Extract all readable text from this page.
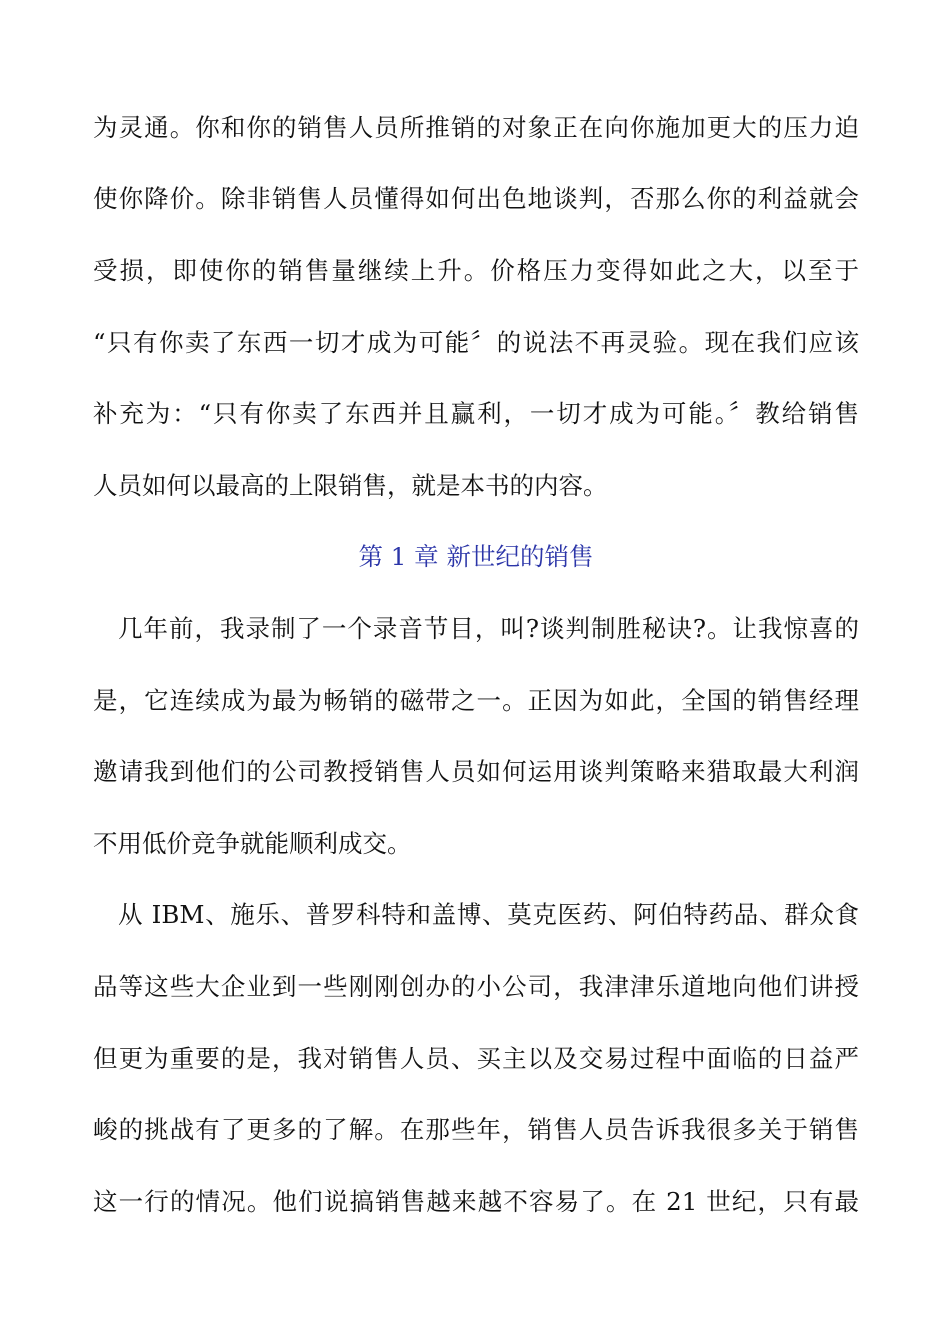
为灵通。你和你的销售人员所推销的对象正在向你施加更大的压力迫
使你降价。除非销售人员懂得如何出色地谈判，否那么你的利益就会
受损，即使你的销售量继续上升。价格压力变得如此之大，以至于
“只有你卖了东西一切才成为可能〞的说法不再灵验。现在我们应该
补充为：“只有你卖了东西并且赢利，一切才成为可能。〞教给销售
人员如何以最高的上限销售，就是本书的内容。
第 1 章 新世纪的销售
几年前，我录制了一个录音节目，叫?谈判制胜秘诀?。让我惊喜的
是，它连续成为最为畅销的磁带之一。正因为如此，全国的销售经理
邀请我到他们的公司教授销售人员如何运用谈判策略来猎取最大利润
不用低价竞争就能顺利成交。
从 IBM、施乐、普罗科特和盖博、莫克医药、阿伯特药品、群众食
品等这些大企业到一些刚刚创办的小公司，我津津乐道地向他们讲授
但更为重要的是，我对销售人员、买主以及交易过程中面临的日益严
峻的挑战有了更多的了解。在那些年，销售人员告诉我很多关于销售
这一行的情况。他们说搞销售越来越不容易了。在 21 世纪，只有最
